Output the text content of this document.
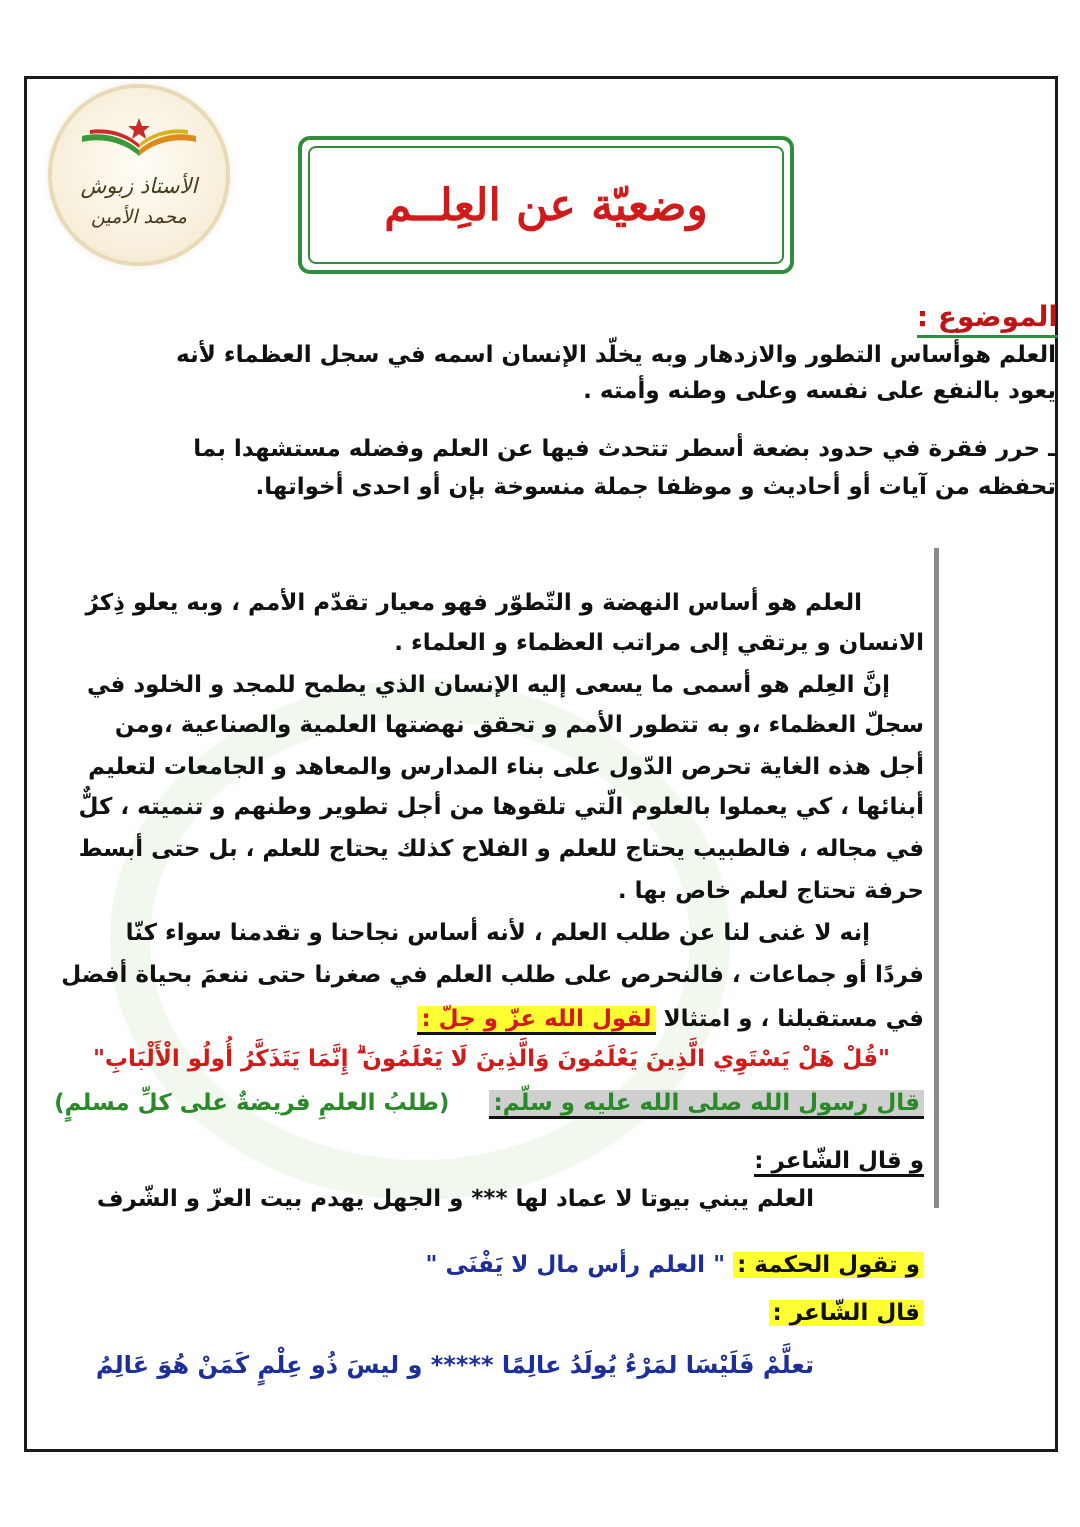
الأستاذ زبوش
محمد الأمين	وضعيّة عن العِلــم
الموضوع :
العلم هوأساس التطور والازدهار وبه يخلّد الإنسان اسمه في سجل العظماء لأنه
يعود بالنفع على نفسه وعلى وطنه وأمته .
ـ حرر فقرة في حدود بضعة أسطر تتحدث فيها عن العلم وفضله مستشهدا بما
تحفظه من آيات أو أحاديث و موظفا جملة منسوخة بإن أو احدى أخواتها.
العلم هو أساس النهضة و التّطوّر فهو معيار تقدّم الأمم ، وبه يعلو ذِكرُ
الانسان و يرتقي إلى مراتب العظماء و العلماء .
إنَّ العِلم هو أسمى ما يسعى إليه الإنسان الذي يطمح للمجد و الخلود في
سجلّ العظماء ،و به تتطور الأمم و تحقق نهضتها العلمية والصناعية ،ومن
أجل هذه الغاية تحرص الدّول على بناء المدارس والمعاهد و الجامعات لتعليم
أبنائها ، كي يعملوا بالعلوم الّتي تلقوها من أجل تطوير وطنهم و تنميته ، كلٌّ
في مجاله ، فالطبيب يحتاج للعلم و الفلاح كذلك يحتاج للعلم ، بل حتى أبسط
حرفة تحتاج لعلم خاص بها .
إنه لا غنى لنا عن طلب العلم ، لأنه أساس نجاحنا و تقدمنا سواء كنّا
فردًا أو جماعات ، فالنحرص على طلب العلم في صغرنا حتى ننعمَ بحياة أفضل
في مستقبلنا ، و امتثالا لقول الله عزّ و جلّ :
"قُلْ هَلْ يَسْتَوِي الَّذِينَ يَعْلَمُونَ وَالَّذِينَ لَا يَعْلَمُونَ ۗ إِنَّمَا يَتَذَكَّرُ أُولُو الْأَلْبَابِ"
قال رسول الله صلى الله عليه و سلّم:     (طلبُ العلمِ فريضةٌ على كلِّ مسلمٍ)
و قال الشّاعر :
العلم يبني بيوتا لا عماد لها *** و الجهل يهدم بيت العزّ و الشّرف
و تقول الحكمة : " العلم رأس مال لا يَفْنَى "
قال الشّاعر :
تعلَّمْ فَلَيْسَا لمَرْءُ يُولَدُ عالِمًا ***** و ليسَ ذُو عِلْمٍ كَمَنْ هُوَ عَالِمُ
